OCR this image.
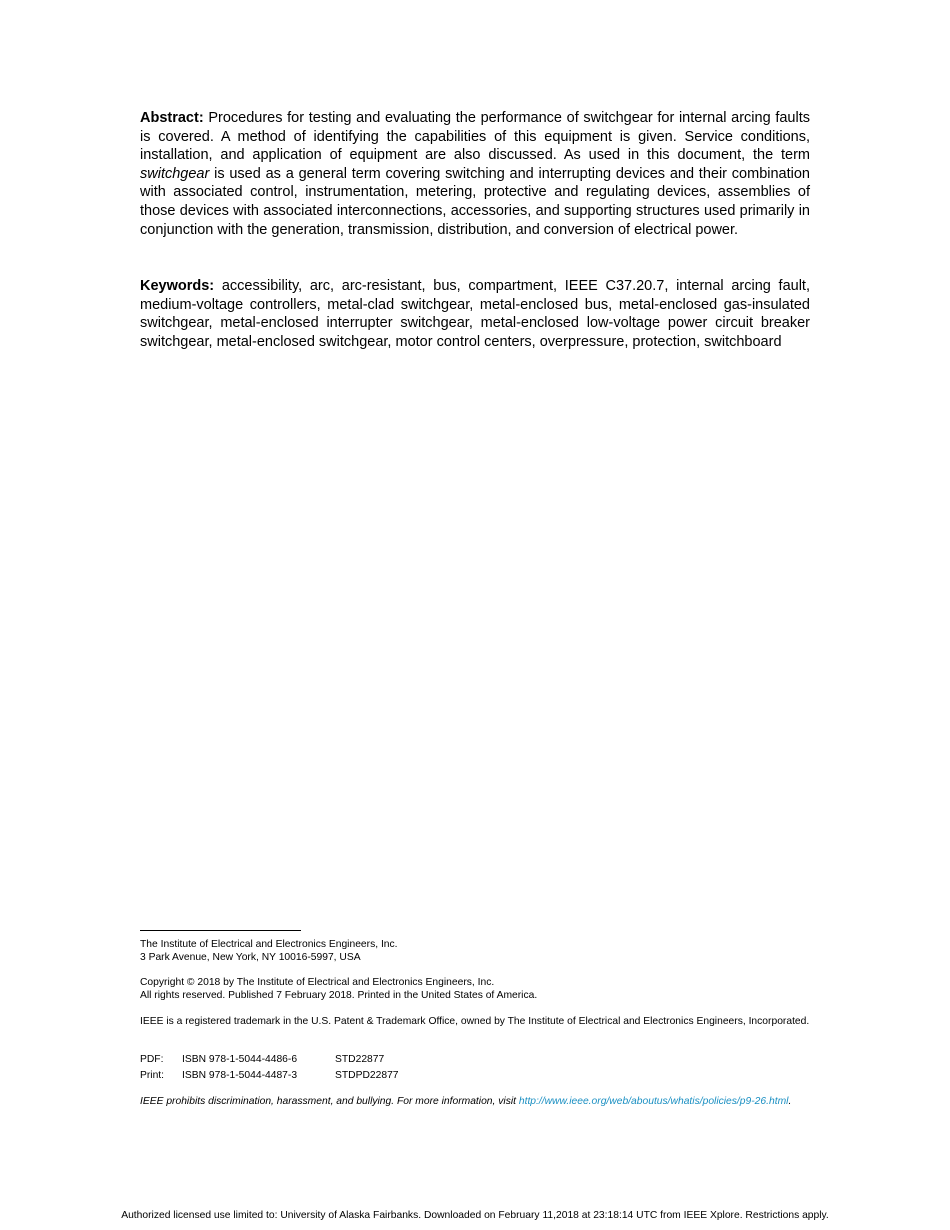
Abstract: Procedures for testing and evaluating the performance of switchgear for internal arcing faults is covered. A method of identifying the capabilities of this equipment is given. Service conditions, installation, and application of equipment are also discussed. As used in this document, the term switchgear is used as a general term covering switching and interrupting devices and their combination with associated control, instrumentation, metering, protective and regulating devices, assemblies of those devices with associated interconnections, accessories, and supporting structures used primarily in conjunction with the generation, transmission, distribution, and conversion of electrical power.

Keywords: accessibility, arc, arc-resistant, bus, compartment, IEEE C37.20.7, internal arcing fault, medium-voltage controllers, metal-clad switchgear, metal-enclosed bus, metal-enclosed gas-insulated switchgear, metal-enclosed interrupter switchgear, metal-enclosed low-voltage power circuit breaker switchgear, metal-enclosed switchgear, motor control centers, overpressure, protection, switchboard

The Institute of Electrical and Electronics Engineers, Inc.
3 Park Avenue, New York, NY 10016-5997, USA

Copyright © 2018 by The Institute of Electrical and Electronics Engineers, Inc.
All rights reserved. Published 7 February 2018. Printed in the United States of America.

IEEE is a registered trademark in the U.S. Patent & Trademark Office, owned by The Institute of Electrical and Electronics Engineers, Incorporated.

PDF:	ISBN 978-1-5044-4486-6	STD22877
Print:	ISBN 978-1-5044-4487-3	STDPD22877

IEEE prohibits discrimination, harassment, and bullying. For more information, visit http://www.ieee.org/web/aboutus/whatis/policies/p9-26.html.

Authorized licensed use limited to: University of Alaska Fairbanks. Downloaded on February 11,2018 at 23:18:14 UTC from IEEE Xplore. Restrictions apply.
